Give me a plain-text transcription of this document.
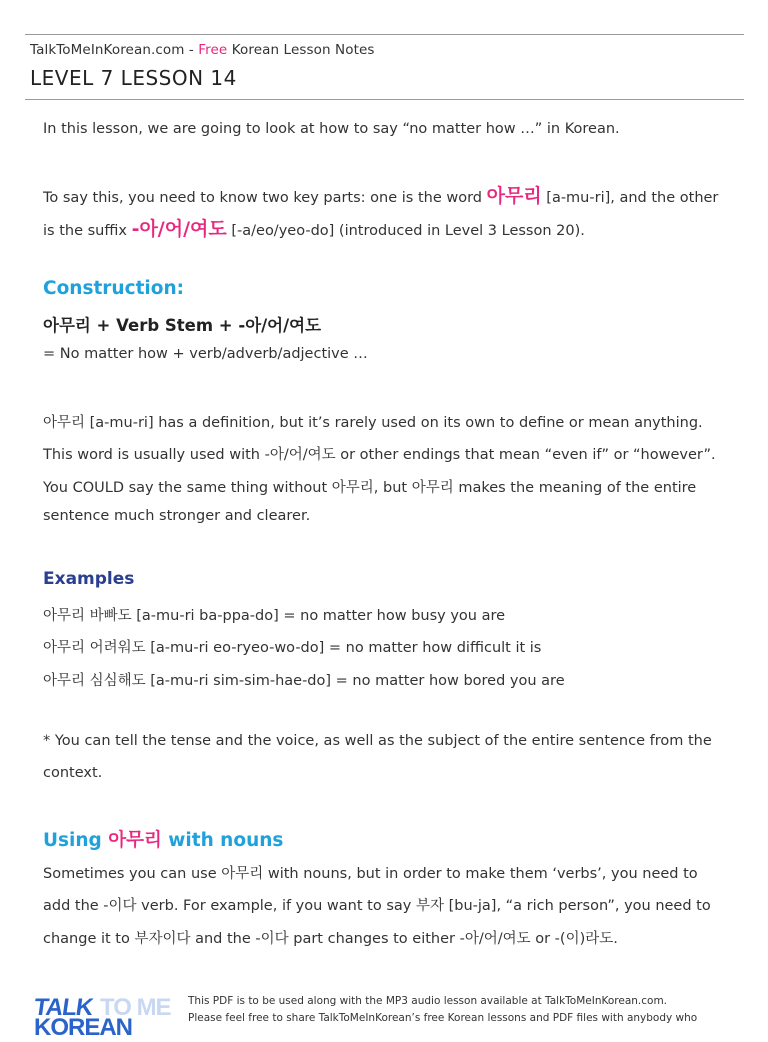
TalkToMeInKorean.com - Free Korean Lesson Notes
LEVEL 7 LESSON 14
In this lesson, we are going to look at how to say “no matter how …” in Korean.
To say this, you need to know two key parts: one is the word 아무리 [a-mu-ri], and the other
is the suffix -아/어/여도 [-a/eo/yeo-do] (introduced in Level 3 Lesson 20).
Construction:
아무리 + Verb Stem + -아/어/여도
= No matter how + verb/adverb/adjective …
아무리 [a-mu-ri] has a definition, but it’s rarely used on its own to define or mean anything.
This word is usually used with -아/어/여도 or other endings that mean “even if” or “however”.
You COULD say the same thing without 아무리, but 아무리 makes the meaning of the entire
sentence much stronger and clearer.
Examples
아무리 바빠도 [a-mu-ri ba-ppa-do] = no matter how busy you are
아무리 어려워도 [a-mu-ri eo-ryeo-wo-do] = no matter how difficult it is
아무리 심심해도 [a-mu-ri sim-sim-hae-do] = no matter how bored you are
* You can tell the tense and the voice, as well as the subject of the entire sentence from the
context.
Using 아무리 with nouns
Sometimes you can use 아무리 with nouns, but in order to make them ‘verbs’, you need to
add the -이다 verb. For example, if you want to say 부자 [bu-ja], “a rich person”, you need to
change it to 부자이다 and the -이다 part changes to either -아/어/여도 or -(이)라도.
TALK TO ME
KOREAN
This PDF is to be used along with the MP3 audio lesson available at TalkToMeInKorean.com.
Please feel free to share TalkToMeInKorean’s free Korean lessons and PDF files with anybody who
